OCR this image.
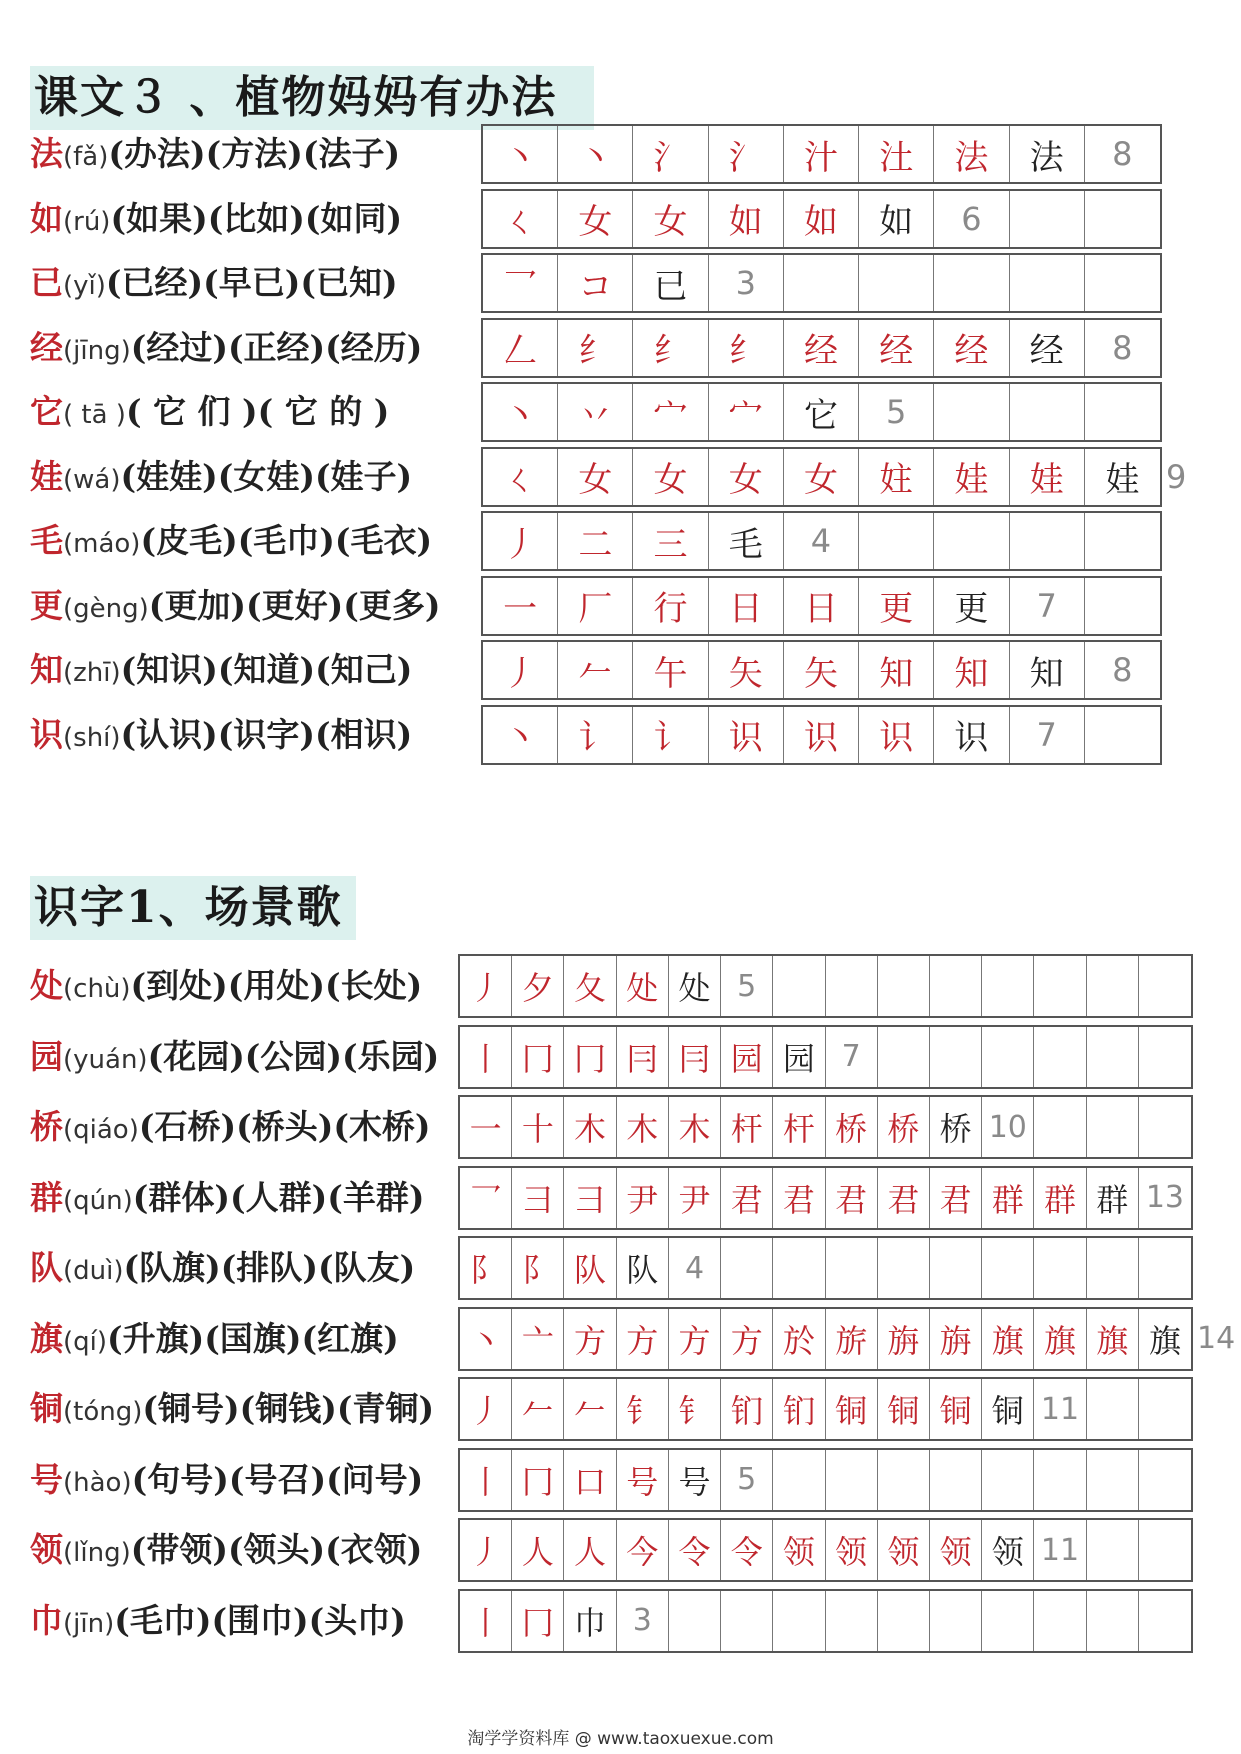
课文３ 、植物妈妈有办法
法(fǎ)(办法)(方法)(法子)	丶 丶 氵 氵 汁 汢 法 法	8
如(rú)(如果)(比如)(如同)	ㄑ 女 女 如 如 如	6
已(yǐ)(已经)(早已)(已知)	乛 コ 已	3
经(jīng)(经过)(正经)(经历) 𠃋 纟 纟 纟 经 经 经 经	8
它( tā )( 它 们 )( 它 的 )	丶 丷 宀 宀 它	5
娃(wá)(娃娃)(女娃)(娃子)	ㄑ 女 女 女 女 妵 娃 娃 娃 9
毛(máo)(皮毛)(毛巾)(毛衣) 丿 二 三 毛	4
更(gèng)(更加)(更好)(更多) 一 厂 行 日 日 更 更	7
知(zhī)(知识)(知道)(知己)	丿 𠂉 午 矢 矢 知 知 知	8
识(shí)(认识)(识字)(相识)	丶 讠 讠 识 识 识 识	7
识字1、场景歌
处(chù)(到处)(用处)(长处) 丿 夕 夂 处 处 5
园(yuán)(花园)(公园)(乐园) 丨 冂 冂 冃 冃 园 园 7
桥(qiáo)(石桥)(桥头)(木桥) 一 十 木 木 木 杆 杆 桥 桥 桥 10
群(qún)(群体)(人群)(羊群) 乛 彐 彐 尹 尹 君 君 君 君 君 群 群 群 13
队(duì)(队旗)(排队)(队友) 阝 阝 队 队 4
旗(qí)(升旗)(国旗)(红旗) 丶 亠 方 方 方 方 於 旂 旃 旃 旗 旗 旗 旗 14
铜(tóng)(铜号)(铜钱)(青铜) 丿 𠂉 𠂉 钅 钅 钔 钔 铜 铜 铜 铜 11
号(hào)(句号)(号召)(问号) 丨 冂 口 号 号 5
领(lǐng)(带领)(领头)(衣领) 丿 人 人 今 令 令 领 领 领 领 领 11
巾(jīn)(毛巾)(围巾)(头巾) 丨 冂 巾 3
淘学学资料库 @ www.taoxuexue.com
